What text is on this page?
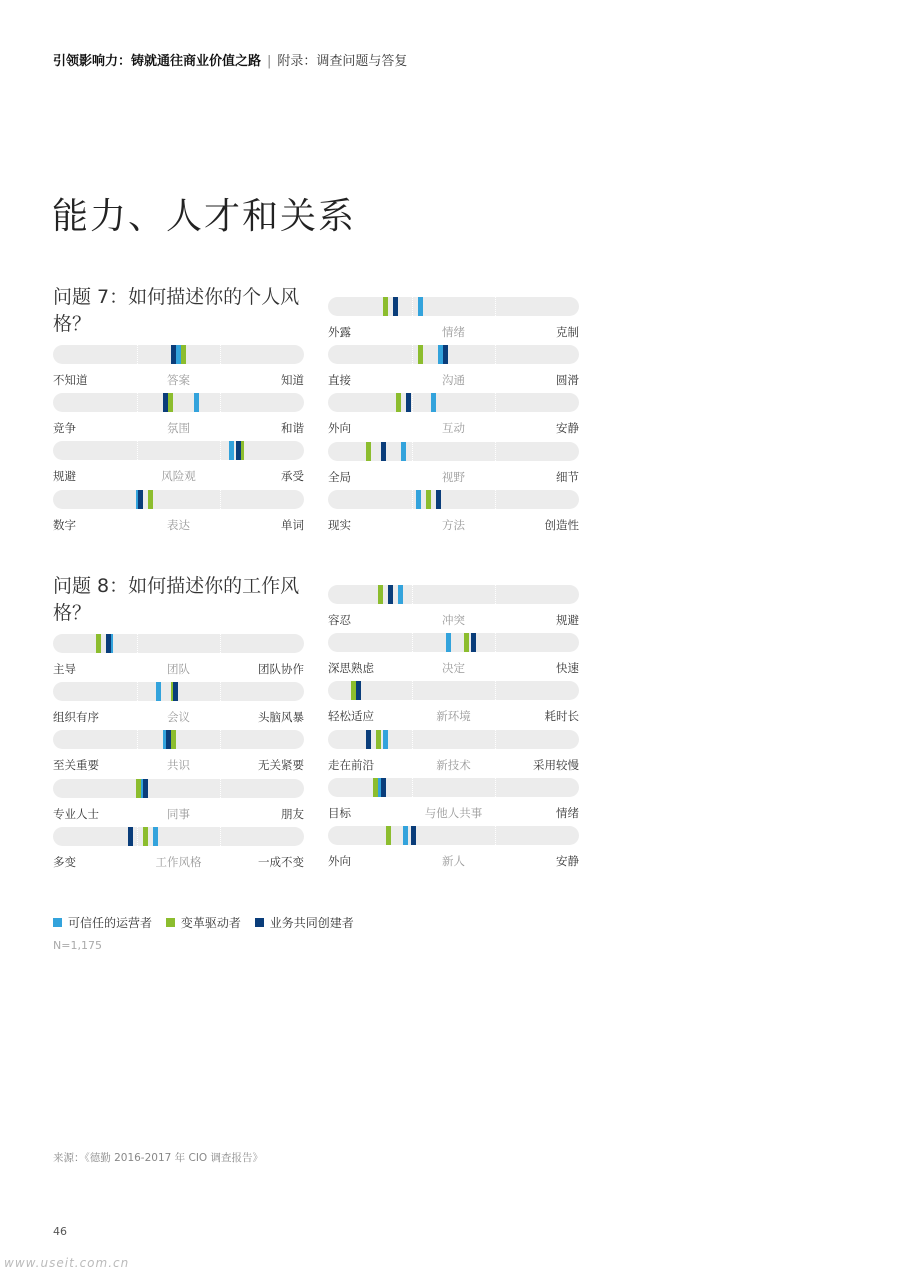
引领影响力：铸就通往商业价值之路 | 附录：调查问题与答复
能力、人才和关系
问题 7：如何描述你的个人风格？
问题 8：如何描述你的工作风格？
不知道	答案	知道
竞争	氛围	和谐
规避	风险观	承受
数字	表达	单词
外露	情绪	克制
直接	沟通	圆滑
外向	互动	安静
全局	视野	细节
现实	方法	创造性
主导	团队	团队协作
组织有序	会议	头脑风暴
至关重要	共识	无关紧要
专业人士	同事	朋友
多变	工作风格	一成不变
容忍	冲突	规避
深思熟虑	决定	快速
轻松适应	新环境	耗时长
走在前沿	新技术	采用较慢
目标	与他人共事	情绪
外向	新人	安静
可信任的运营者
变革驱动者
业务共同创建者
N=1,175
来源：《德勤 2016-2017 年 CIO 调查报告》
46
www.useit.com.cn
